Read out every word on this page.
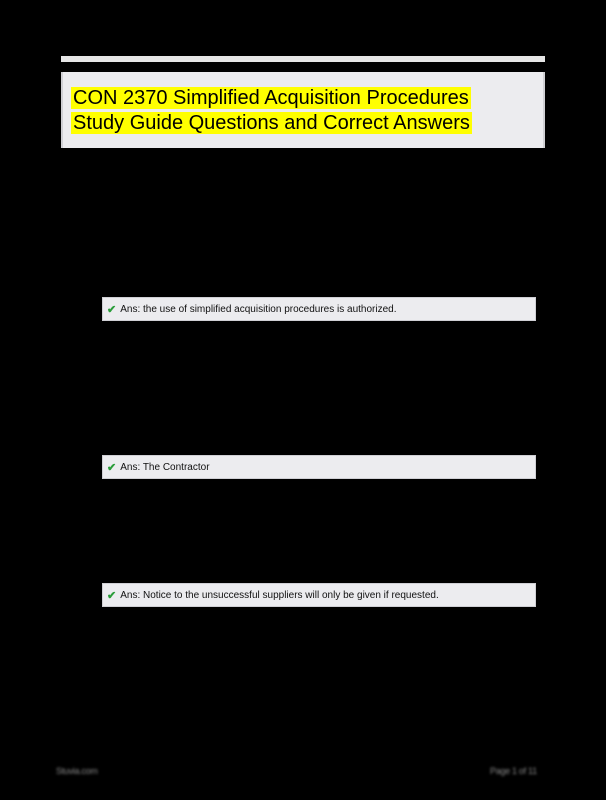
CON 2370 Simplified Acquisition Procedures
Study Guide Questions and Correct Answers
✔ Ans: the use of simplified acquisition procedures is authorized.
✔ Ans: The Contractor
✔ Ans: Notice to the unsuccessful suppliers will only be given if requested.
Stuvia.com	Page 1 of 11
